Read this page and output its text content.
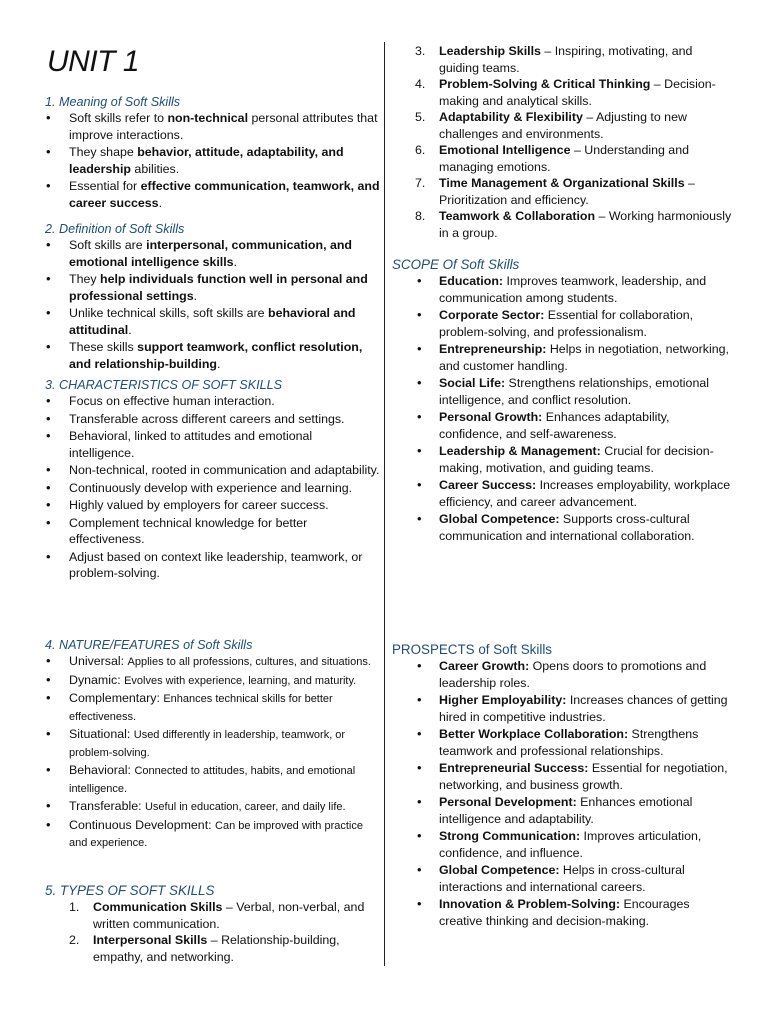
UNIT 1

1. Meaning of Soft Skills

• Soft skills refer to non-technical personal attributes that improve interactions.
• They shape behavior, attitude, adaptability, and leadership abilities.
• Essential for effective communication, teamwork, and career success.

2. Definition of Soft Skills

• Soft skills are interpersonal, communication, and emotional intelligence skills.
• They help individuals function well in personal and professional settings.
• Unlike technical skills, soft skills are behavioral and attitudinal.
• These skills support teamwork, conflict resolution, and relationship-building.

3. CHARACTERISTICS OF SOFT SKILLS

• Focus on effective human interaction.
• Transferable across different careers and settings.
• Behavioral, linked to attitudes and emotional intelligence.
• Non-technical, rooted in communication and adaptability.
• Continuously develop with experience and learning.
• Highly valued by employers for career success.
• Complement technical knowledge for better effectiveness.
• Adjust based on context like leadership, teamwork, or problem-solving.

4. NATURE/FEATURES of Soft Skills

• Universal: Applies to all professions, cultures, and situations.
• Dynamic: Evolves with experience, learning, and maturity.
• Complementary: Enhances technical skills for better effectiveness.
• Situational: Used differently in leadership, teamwork, or problem-solving.
• Behavioral: Connected to attitudes, habits, and emotional intelligence.
• Transferable: Useful in education, career, and daily life.
• Continuous Development: Can be improved with practice and experience.

5. TYPES OF SOFT SKILLS

1. Communication Skills – Verbal, non-verbal, and written communication.
2. Interpersonal Skills – Relationship-building, empathy, and networking.
3. Leadership Skills – Inspiring, motivating, and guiding teams.
4. Problem-Solving & Critical Thinking – Decision-making and analytical skills.
5. Adaptability & Flexibility – Adjusting to new challenges and environments.
6. Emotional Intelligence – Understanding and managing emotions.
7. Time Management & Organizational Skills – Prioritization and efficiency.
8. Teamwork & Collaboration – Working harmoniously in a group.

SCOPE Of Soft Skills

• Education: Improves teamwork, leadership, and communication among students.
• Corporate Sector: Essential for collaboration, problem-solving, and professionalism.
• Entrepreneurship: Helps in negotiation, networking, and customer handling.
• Social Life: Strengthens relationships, emotional intelligence, and conflict resolution.
• Personal Growth: Enhances adaptability, confidence, and self-awareness.
• Leadership & Management: Crucial for decision-making, motivation, and guiding teams.
• Career Success: Increases employability, workplace efficiency, and career advancement.
• Global Competence: Supports cross-cultural communication and international collaboration.

PROSPECTS of Soft Skills

• Career Growth: Opens doors to promotions and leadership roles.
• Higher Employability: Increases chances of getting hired in competitive industries.
• Better Workplace Collaboration: Strengthens teamwork and professional relationships.
• Entrepreneurial Success: Essential for negotiation, networking, and business growth.
• Personal Development: Enhances emotional intelligence and adaptability.
• Strong Communication: Improves articulation, confidence, and influence.
• Global Competence: Helps in cross-cultural interactions and international careers.
• Innovation & Problem-Solving: Encourages creative thinking and decision-making.
